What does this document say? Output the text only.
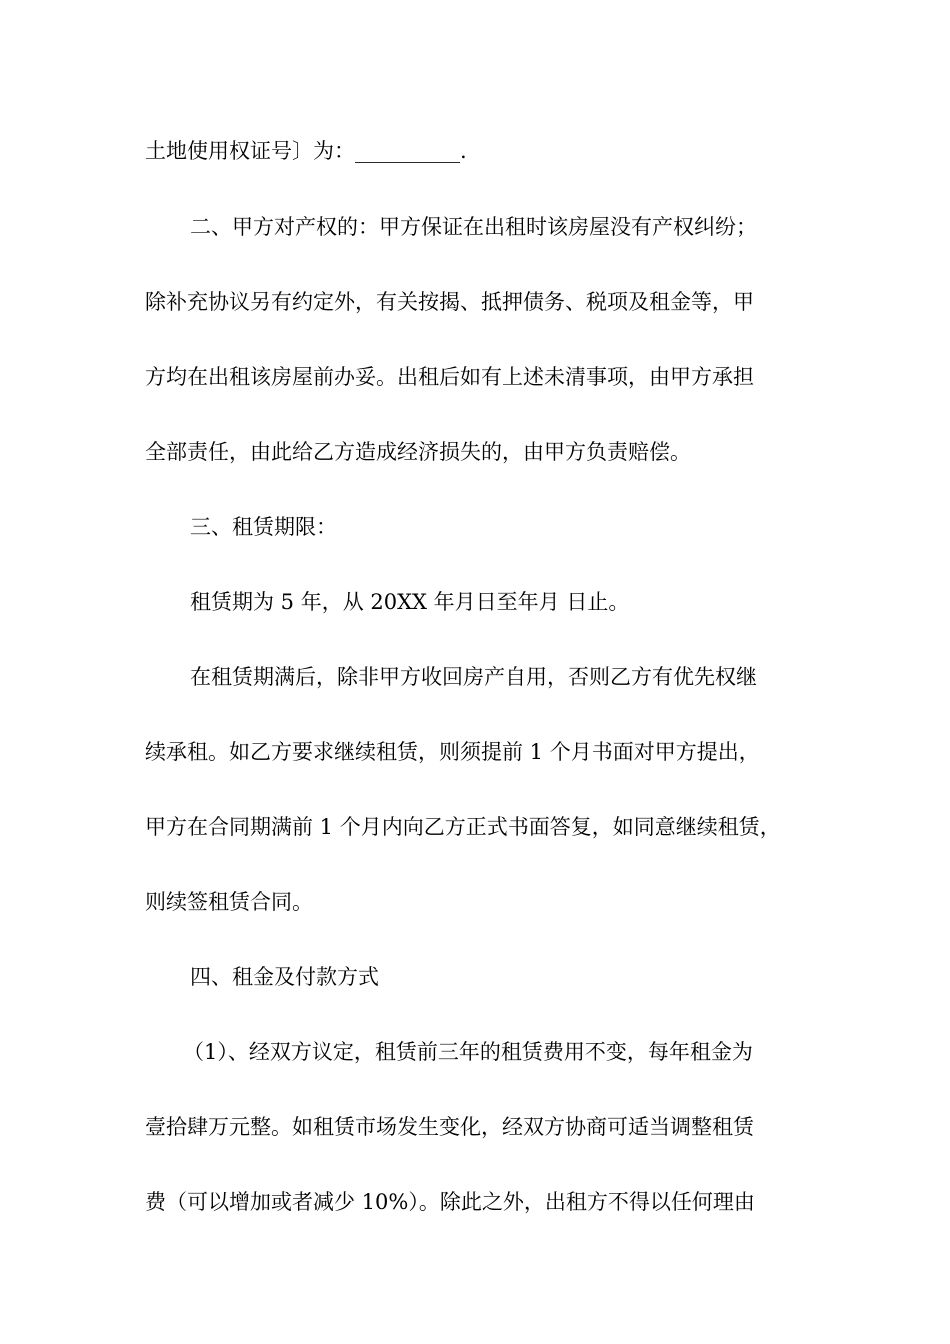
土地使用权证号〕为：__________.
二、甲方对产权的：甲方保证在出租时该房屋没有产权纠纷；
除补充协议另有约定外，有关按揭、抵押债务、税项及租金等，甲
方均在出租该房屋前办妥。出租后如有上述未清事项，由甲方承担
全部责任，由此给乙方造成经济损失的，由甲方负责赔偿。
三、租赁期限：
租赁期为 5 年，从 20XX 年月日至年月 日止。
在租赁期满后，除非甲方收回房产自用，否则乙方有优先权继
续承租。如乙方要求继续租赁，则须提前 1 个月书面对甲方提出，
甲方在合同期满前 1 个月内向乙方正式书面答复，如同意继续租赁，
则续签租赁合同。
四、租金及付款方式
（1）、经双方议定，租赁前三年的租赁费用不变，每年租金为
壹拾肆万元整。如租赁市场发生变化，经双方协商可适当调整租赁
费（可以增加或者减少 10%）。除此之外，出租方不得以任何理由
